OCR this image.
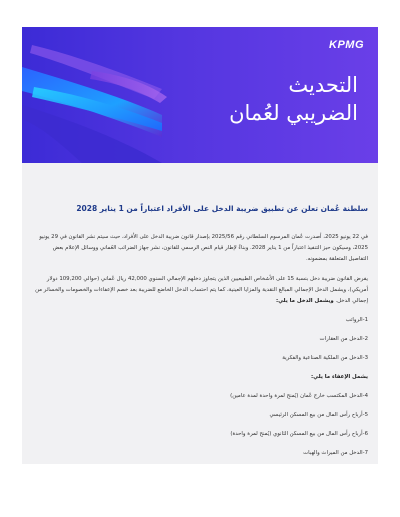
KPMG
التحديث
الضريبي لعُمان
سلطنة عُمان تعلن عن تطبيق ضريبة الدخل على الأفراد اعتباراً من 1 يناير 2028

في 22 يونيو 2025، أصدرت عُمان المرسوم السلطاني رقم 2025/56 بإصدار قانون ضريبة الدخل على الأفراد، حيث سيتم نشر القانون في 29 يونيو 2025، وسيكون حيز التنفيذ اعتباراً من 1 يناير 2028. وبناءً لإطار قيام النص الرسمي للقانون، نشر جهاز الضرائب العُماني ووسائل الإعلام بعض التفاصيل المتعلقة بمضمونه.

يفرض القانون ضريبة دخل بنسبة 15 على الأشخاص الطبيعيين الذين يتجاوز دخلهم الإجمالي السنوي 42,000 ريال عُماني (حوالي 109,200 دولار أمريكي)، ويشمل الدخل الإجمالي المبالغ النقدية والمزايا العينية، كما يتم احتساب الدخل الخاضع للضريبة بعد خصم الإعفاءات والخصومات والخسائر من إجمالي الدخل. ويشمل الدخل ما يلي:

1-الرواتب
2-الدخل من العقارات
3-الدخل من الملكية الصناعية والفكرية
يشمل الإعفاء ما يلي:
4-الدخل المكتسب خارج عُمان (يُمنح لمرة واحدة لمدة عامين)
5-أرباح رأس المال من بيع المسكن الرئيسي
6-أرباح رأس المال من بيع المسكن الثانوي (يُمنح لمرة واحدة)
7-الدخل من الميراث والهبات
